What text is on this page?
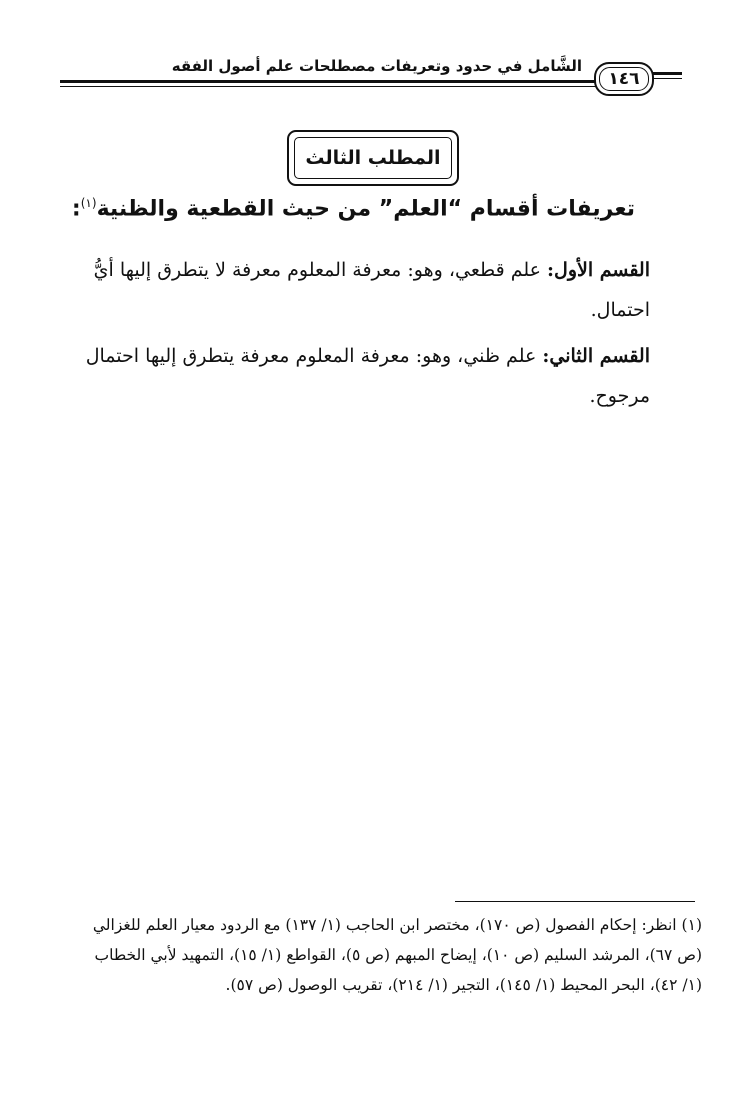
الشَّامل في حدود وتعريفات مصطلحات علم أصول الفقه
١٤٦
المطلب الثالث
تعريفات أقسام “العلم” من حيث القطعية والظنية$^{(١)}$:
القسم الأول: علم قطعي، وهو: معرفة المعلوم معرفة لا يتطرق إليها أيُّ احتمال.
القسم الثاني: علم ظني، وهو: معرفة المعلوم معرفة يتطرق إليها احتمال مرجوح.
(١) انظر: إحكام الفصول (ص ١٧٠)، مختصر ابن الحاجب (١/ ١٣٧) مع الردود معيار العلم للغزالي (ص ٦٧)، المرشد السليم (ص ١٠)، إيضاح المبهم (ص ٥)، القواطع (١/ ١٥)، التمهيد لأبي الخطاب (١/ ٤٢)، البحر المحيط (١/ ١٤٥)، التجير (١/ ٢١٤)، تقريب الوصول (ص ٥٧).
